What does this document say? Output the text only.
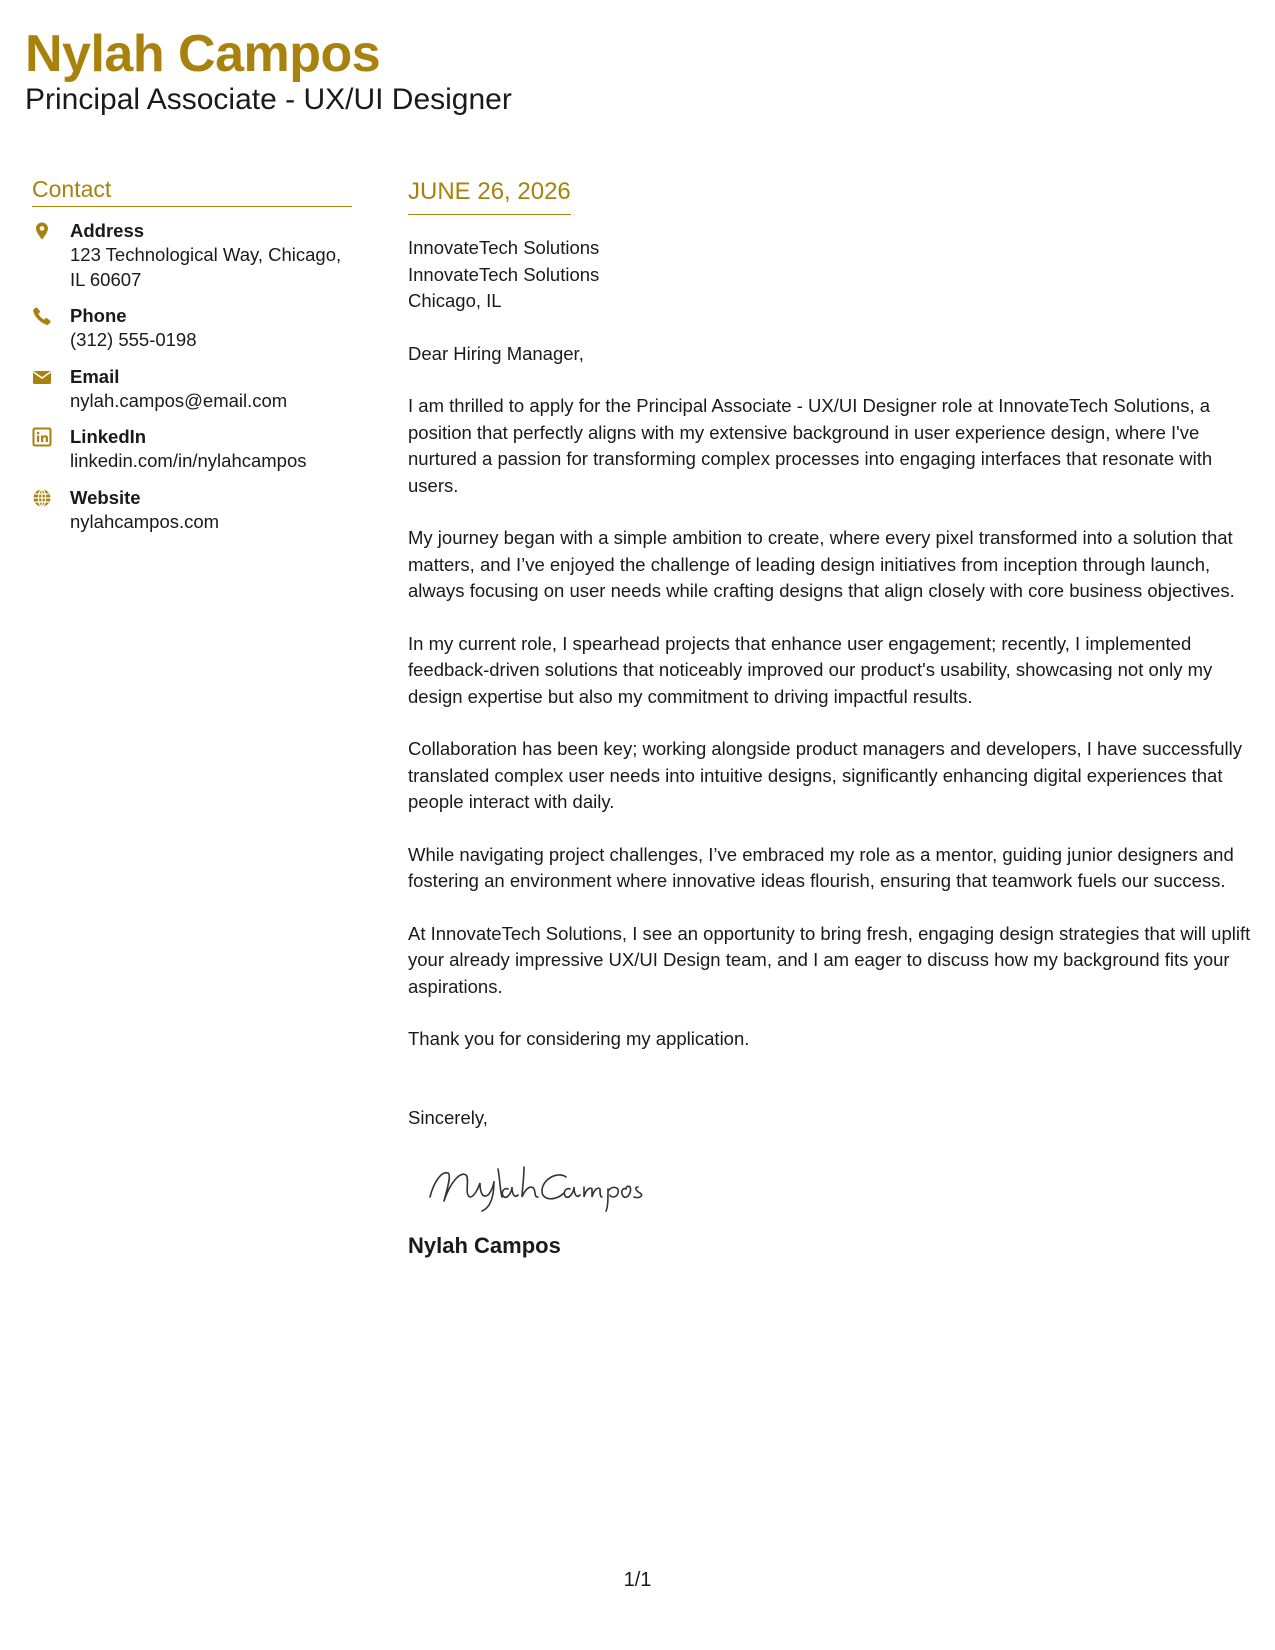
Nylah Campos
Principal Associate - UX/UI Designer
Contact
Address
123 Technological Way, Chicago,
IL 60607
Phone
(312) 555-0198
Email
nylah.campos@email.com
LinkedIn
linkedin.com/in/nylahcampos
Website
nylahcampos.com
JUNE 26, 2026
InnovateTech Solutions
InnovateTech Solutions
Chicago, IL
Dear Hiring Manager,
I am thrilled to apply for the Principal Associate - UX/UI Designer role at InnovateTech Solutions, a position that perfectly aligns with my extensive background in user experience design, where I've nurtured a passion for transforming complex processes into engaging interfaces that resonate with users.
My journey began with a simple ambition to create, where every pixel transformed into a solution that matters, and I’ve enjoyed the challenge of leading design initiatives from inception through launch, always focusing on user needs while crafting designs that align closely with core business objectives.
In my current role, I spearhead projects that enhance user engagement; recently, I implemented feedback-driven solutions that noticeably improved our product's usability, showcasing not only my design expertise but also my commitment to driving impactful results.
Collaboration has been key; working alongside product managers and developers, I have successfully translated complex user needs into intuitive designs, significantly enhancing digital experiences that people interact with daily.
While navigating project challenges, I’ve embraced my role as a mentor, guiding junior designers and fostering an environment where innovative ideas flourish, ensuring that teamwork fuels our success.
At InnovateTech Solutions, I see an opportunity to bring fresh, engaging design strategies that will uplift your already impressive UX/UI Design team, and I am eager to discuss how my background fits your aspirations.
Thank you for considering my application.
Sincerely,
Nylah Campos
1/1
